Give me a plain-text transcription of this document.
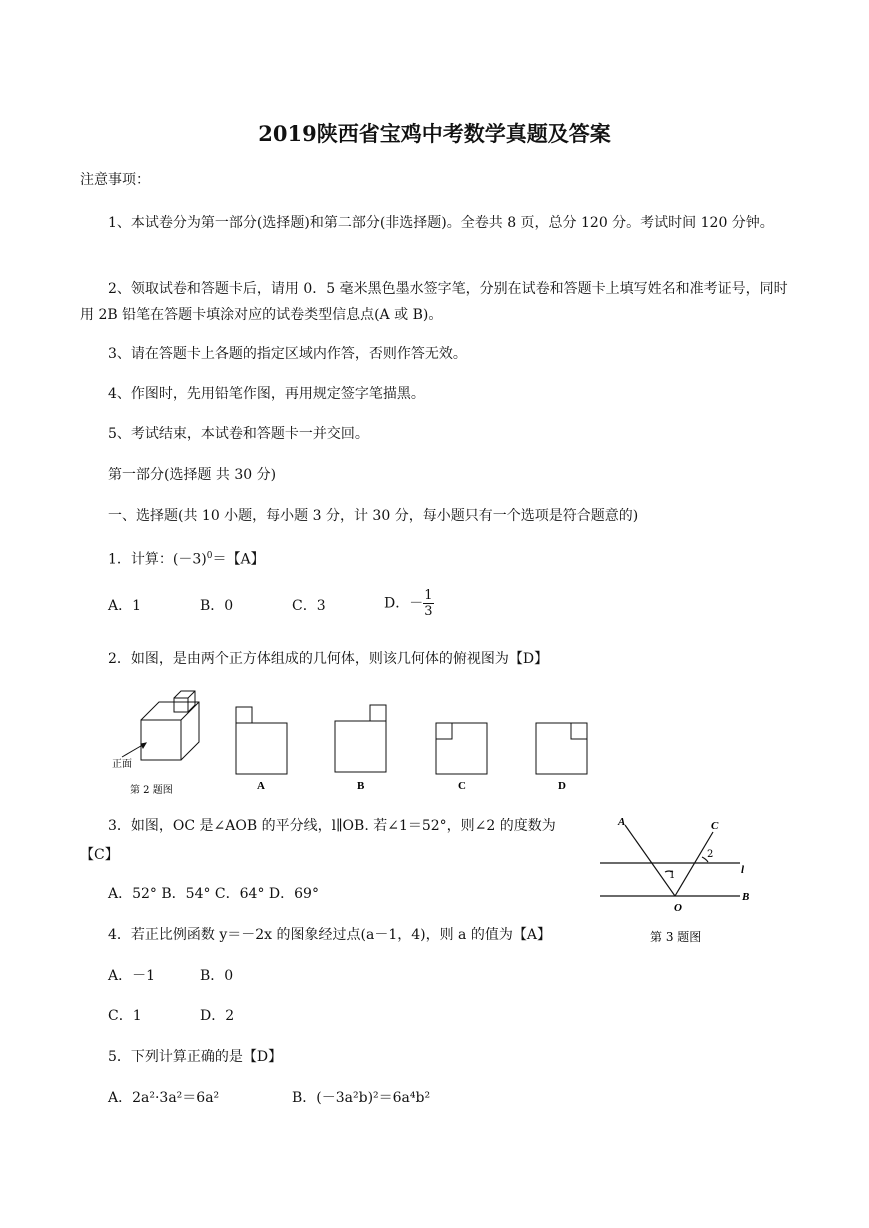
2019陕西省宝鸡中考数学真题及答案
注意事项：
1、本试卷分为第一部分(选择题)和第二部分(非选择题)。全卷共 8 页，总分 120 分。考试时间 120 分钟。
2、领取试卷和答题卡后，请用 0．5 毫米黑色墨水签字笔，分别在试卷和答题卡上填写姓名和准考证号，同时用 2B 铅笔在答题卡填涂对应的试卷类型信息点(A 或 B)。
3、请在答题卡上各题的指定区域内作答，否则作答无效。
4、作图时，先用铅笔作图，再用规定签字笔描黑。
5、考试结束，本试卷和答题卡一并交回。
第一部分(选择题 共 30 分)
一、选择题(共 10 小题，每小题 3 分，计 30 分，每小题只有一个选项是符合题意的)
1．计算：$(-3)^0=$【A】
A．1	B．0	C．3	D．－ $\frac{1}{3}$
2．如图，是由两个正方体组成的几何体，则该几何体的俯视图为【D】
正面
第 2 题图	A	B	C	D
3．如图，OC 是∠AOB 的平分线，l∥OB. 若∠1＝52°，则∠2 的度数为
【C】
A．52° B．54° C．64° D．69°
A	C
l
B
O
1
2
第 3 题图
4．若正比例函数 y＝－2x 的图象经过点(a－1，4)，则 a 的值为【A】
A．－1	B．0
C．1	D．2
5．下列计算正确的是【D】
A．2a²·3a²＝6a²	B．(－3a²b)²＝6a⁴b²
